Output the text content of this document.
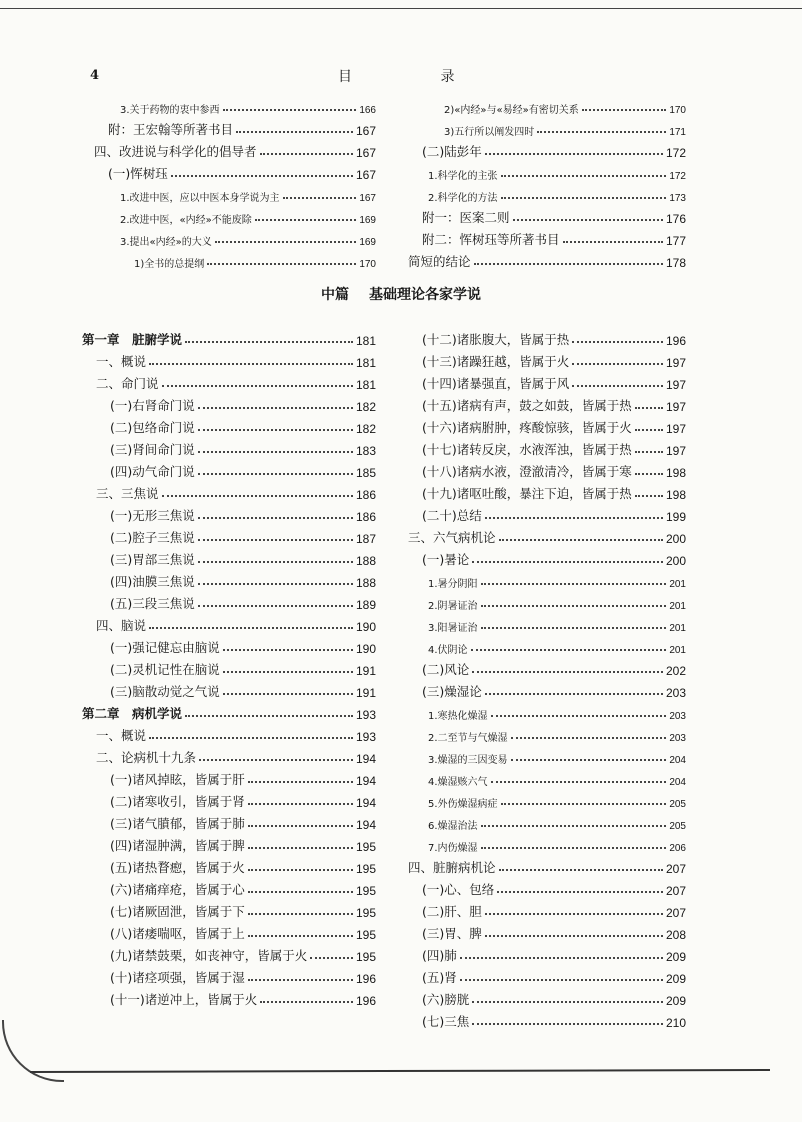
4	目 录
3.关于药物的衷中参西	166
附：王宏翰等所著书目	167
四、改进说与科学化的倡导者	167
(一)恽树珏	167
1.改进中医，应以中医本身学说为主	167
2.改进中医，«内经»不能废除	169
3.提出«内经»的大义	169
1)全书的总提纲	170
2)«内经»与«易经»有密切关系	170
3)五行所以阐发四时	171
(二)陆彭年	172
1.科学化的主张	172
2.科学化的方法	173
附一：医案二则	176
附二：恽树珏等所著书目	177
简短的结论	178
中篇 基础理论各家学说
第一章　脏腑学说	181
一、概说	181
二、命门说	181
(一)右肾命门说	182
(二)包络命门说	182
(三)肾间命门说	183
(四)动气命门说	185
三、三焦说	186
(一)无形三焦说	186
(二)腔子三焦说	187
(三)胃部三焦说	188
(四)油膜三焦说	188
(五)三段三焦说	189
四、脑说	190
(一)强记健忘由脑说	190
(二)灵机记性在脑说	191
(三)脑散动觉之气说	191
第二章　病机学说	193
一、概说	193
二、论病机十九条	194
(一)诸风掉眩，皆属于肝	194
(二)诸寒收引，皆属于肾	194
(三)诸气膹郁，皆属于肺	194
(四)诸湿肿满，皆属于脾	195
(五)诸热瞀瘛，皆属于火	195
(六)诸痛痒疮，皆属于心	195
(七)诸厥固泄，皆属于下	195
(八)诸痿喘呕，皆属于上	195
(九)诸禁鼓栗，如丧神守，皆属于火	195
(十)诸痉项强，皆属于湿	196
(十一)诸逆冲上，皆属于火	196
(十二)诸胀腹大，皆属于热	196
(十三)诸躁狂越，皆属于火	197
(十四)诸暴强直，皆属于风	197
(十五)诸病有声，鼓之如鼓，皆属于热	197
(十六)诸病胕肿，疼酸惊骇，皆属于火	197
(十七)诸转反戾，水液浑浊，皆属于热	197
(十八)诸病水液，澄澈清冷，皆属于寒	198
(十九)诸呕吐酸，暴注下迫，皆属于热	198
(二十)总结	199
三、六气病机论	200
(一)暑论	200
1.暑分阴阳	201
2.阴暑证治	201
3.阳暑证治	201
4.伏阴论	201
(二)风论	202
(三)燥湿论	203
1.寒热化燥湿	203
2.二至节与气燥湿	203
3.燥湿的三因变易	204
4.燥湿赅六气	204
5.外伤燥湿病症	205
6.燥湿治法	205
7.内伤燥湿	206
四、脏腑病机论	207
(一)心、包络	207
(二)肝、胆	207
(三)胃、脾	208
(四)肺	209
(五)肾	209
(六)膀胱	209
(七)三焦	210
